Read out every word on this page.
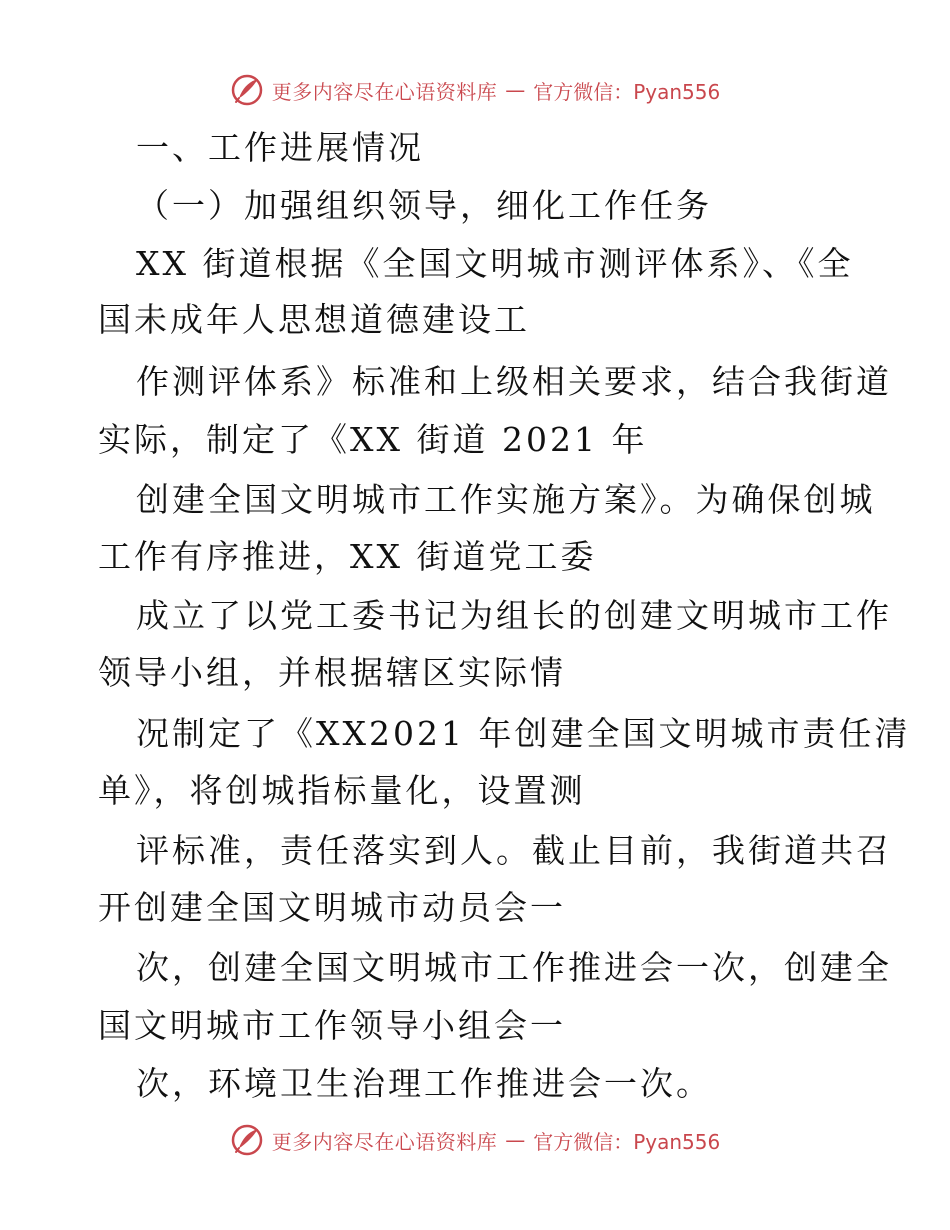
更多内容尽在心语资料库 — 官方微信：Pyan556
一、工作进展情况
（一）加强组织领导，细化工作任务
XX 街道根据《全国文明城市测评体系》、《全
国未成年人思想道德建设工
作测评体系》标准和上级相关要求，结合我街道
实际，制定了《XX 街道 2021 年
创建全国文明城市工作实施方案》。为确保创城
工作有序推进，XX 街道党工委
成立了以党工委书记为组长的创建文明城市工作
领导小组，并根据辖区实际情
况制定了《XX2021 年创建全国文明城市责任清
单》，将创城指标量化，设置测
评标准，责任落实到人。截止目前，我街道共召
开创建全国文明城市动员会一
次，创建全国文明城市工作推进会一次，创建全
国文明城市工作领导小组会一
次，环境卫生治理工作推进会一次。
更多内容尽在心语资料库 — 官方微信：Pyan556
